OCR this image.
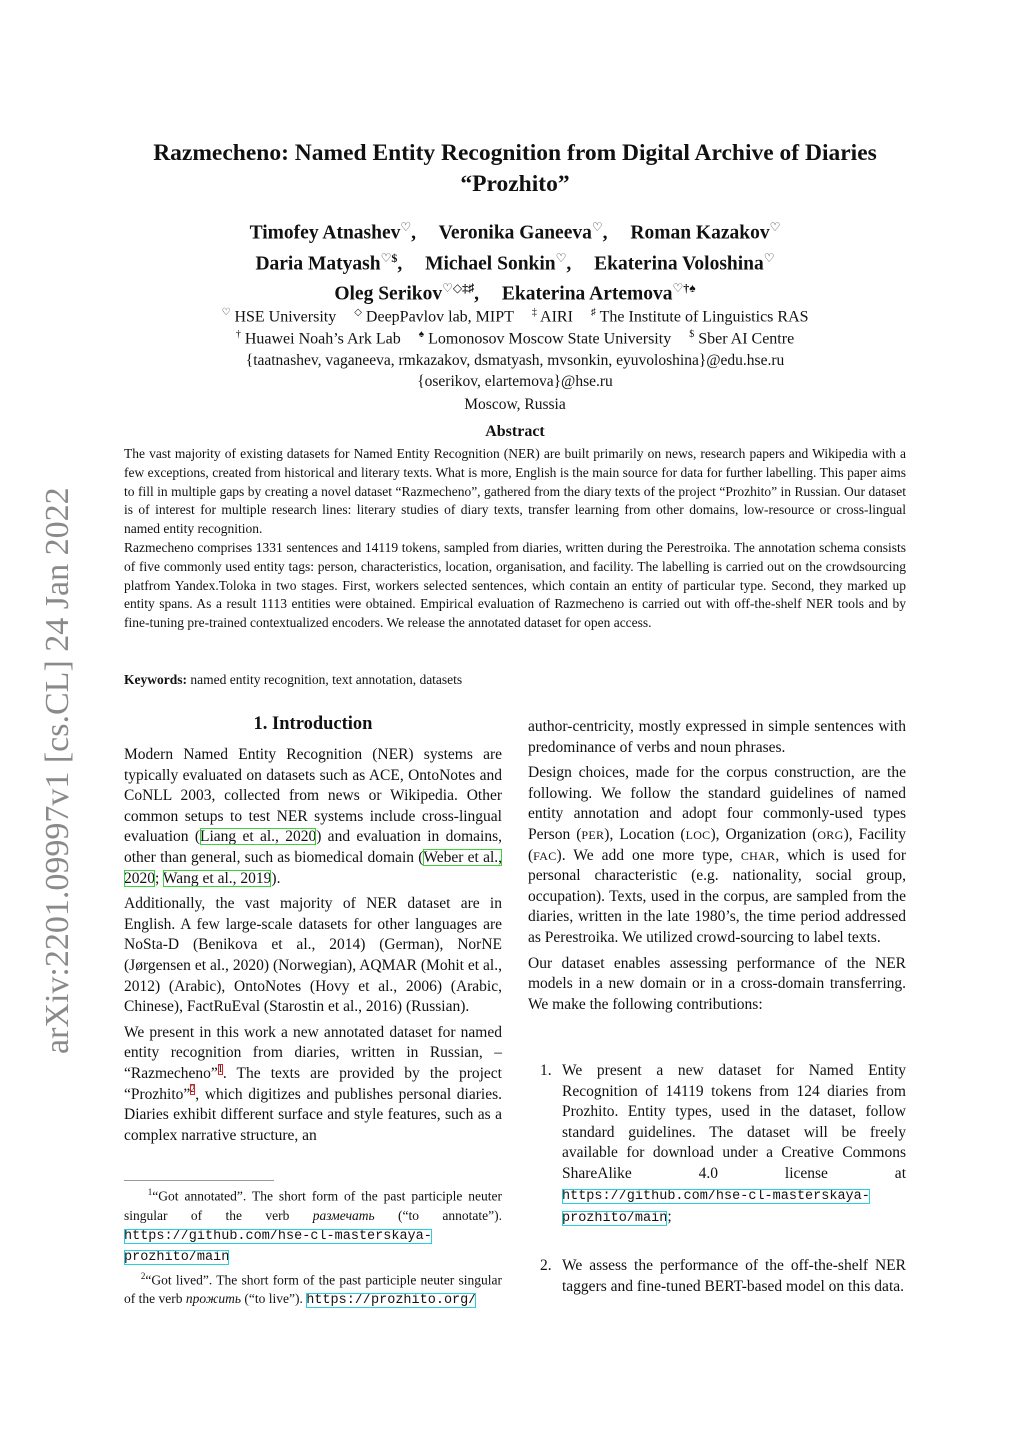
arXiv:2201.09997v1 [cs.CL] 24 Jan 2022
Razmecheno: Named Entity Recognition from Digital Archive of Diaries
“Prozhito”
Timofey Atnashev♡, Veronika Ganeeva♡, Roman Kazakov♡
Daria Matyash♡$, Michael Sonkin♡, Ekaterina Voloshina♡
Oleg Serikov♡◇‡♯, Ekaterina Artemova♡†♠
♡ HSE University ◇ DeepPavlov lab, MIPT ‡ AIRI ♯ The Institute of Linguistics RAS
† Huawei Noah’s Ark Lab ♠ Lomonosov Moscow State University $ Sber AI Centre
{taatnashev, vaganeeva, rmkazakov, dsmatyash, mvsonkin, eyuvoloshina}@edu.hse.ru
{oserikov, elartemova}@hse.ru
Moscow, Russia
Abstract

The vast majority of existing datasets for Named Entity Recognition (NER) are built primarily on news, research papers and Wikipedia with a few exceptions, created from historical and literary texts. What is more, English is the main source for data for further labelling. This paper aims to fill in multiple gaps by creating a novel dataset “Razmecheno”, gathered from the diary texts of the project “Prozhito” in Russian. Our dataset is of interest for multiple research lines: literary studies of diary texts, transfer learning from other domains, low-resource or cross-lingual named entity recognition.

Razmecheno comprises 1331 sentences and 14119 tokens, sampled from diaries, written during the Perestroika. The annotation schema consists of five commonly used entity tags: person, characteristics, location, organisation, and facility. The labelling is carried out on the crowdsourcing platfrom Yandex.Toloka in two stages. First, workers selected sentences, which contain an entity of particular type. Second, they marked up entity spans. As a result 1113 entities were obtained. Empirical evaluation of Razmecheno is carried out with off-the-shelf NER tools and by fine-tuning pre-trained contextualized encoders. We release the annotated dataset for open access.

Keywords: named entity recognition, text annotation, datasets
1. Introduction

Modern Named Entity Recognition (NER) systems are typically evaluated on datasets such as ACE, OntoNotes and CoNLL 2003, collected from news or Wikipedia. Other common setups to test NER systems include cross-lingual evaluation (Liang et al., 2020) and evaluation in domains, other than general, such as biomedical domain (Weber et al., 2020; Wang et al., 2019).

Additionally, the vast majority of NER dataset are in English. A few large-scale datasets for other languages are NoSta-D (Benikova et al., 2014) (German), NorNE (Jørgensen et al., 2020) (Norwegian), AQMAR (Mohit et al., 2012) (Arabic), OntoNotes (Hovy et al., 2006) (Arabic, Chinese), FactRuEval (Starostin et al., 2016) (Russian).

We present in this work a new annotated dataset for named entity recognition from diaries, written in Russian, – “Razmecheno”$^1$. The texts are provided by the project “Prozhito”$^2$, which digitizes and publishes personal diaries. Diaries exhibit different surface and style features, such as a complex narrative structure, an

$^1$“Got annotated”. The short form of the past participle neuter singular of the verb размечать (“to annotate”). https://github.com/hse-cl-masterskaya-prozhito/main

$^2$“Got lived”. The short form of the past participle neuter singular of the verb прожить (“to live”). https://prozhito.org/

author-centricity, mostly expressed in simple sentences with predominance of verbs and noun phrases.

Design choices, made for the corpus construction, are the following. We follow the standard guidelines of named entity annotation and adopt four commonly-used types Person (PER), Location (LOC), Organization (ORG), Facility (FAC). We add one more type, CHAR, which is used for personal characteristic (e.g. nationality, social group, occupation). Texts, used in the corpus, are sampled from the diaries, written in the late 1980’s, the time period addressed as Perestroika. We utilized crowd-sourcing to label texts.

Our dataset enables assessing performance of the NER models in a new domain or in a cross-domain transferring. We make the following contributions:

1. We present a new dataset for Named Entity Recognition of 14119 tokens from 124 diaries from Prozhito. Entity types, used in the dataset, follow standard guidelines. The dataset will be freely available for download under a Creative Commons ShareAlike 4.0 license at https://github.com/hse-cl-masterskaya-prozhito/main;
2. We assess the performance of the off-the-shelf NER taggers and fine-tuned BERT-based model on this data.
